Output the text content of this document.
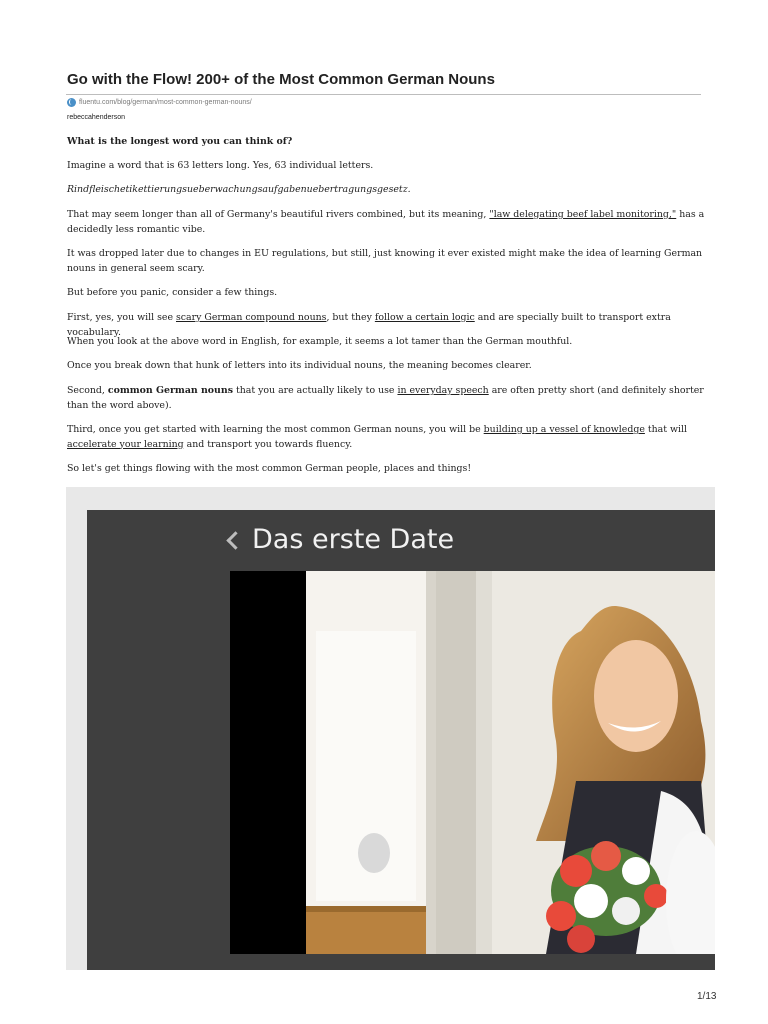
Go with the Flow! 200+ of the Most Common German Nouns
fluentu.com/blog/german/most-common-german-nouns/
rebeccahenderson

What is the longest word you can think of?

Imagine a word that is 63 letters long. Yes, 63 individual letters.

Rindfleischetikettierungsueberwachungsaufgabenuebertragungsgesetz.

That may seem longer than all of Germany's beautiful rivers combined, but its meaning, "law delegating beef label monitoring," has a decidedly less romantic vibe.

It was dropped later due to changes in EU regulations, but still, just knowing it ever existed might make the idea of learning German nouns in general seem scary.

But before you panic, consider a few things.

First, yes, you will see scary German compound nouns, but they follow a certain logic and are specially built to transport extra vocabulary.

When you look at the above word in English, for example, it seems a lot tamer than the German mouthful.

Once you break down that hunk of letters into its individual nouns, the meaning becomes clearer.

Second, common German nouns that you are actually likely to use in everyday speech are often pretty short (and definitely shorter than the word above).

Third, once you get started with learning the most common German nouns, you will be building up a vessel of knowledge that will accelerate your learning and transport you towards fluency.

So let's get things flowing with the most common German people, places and things!

Das erste Date
1/13
